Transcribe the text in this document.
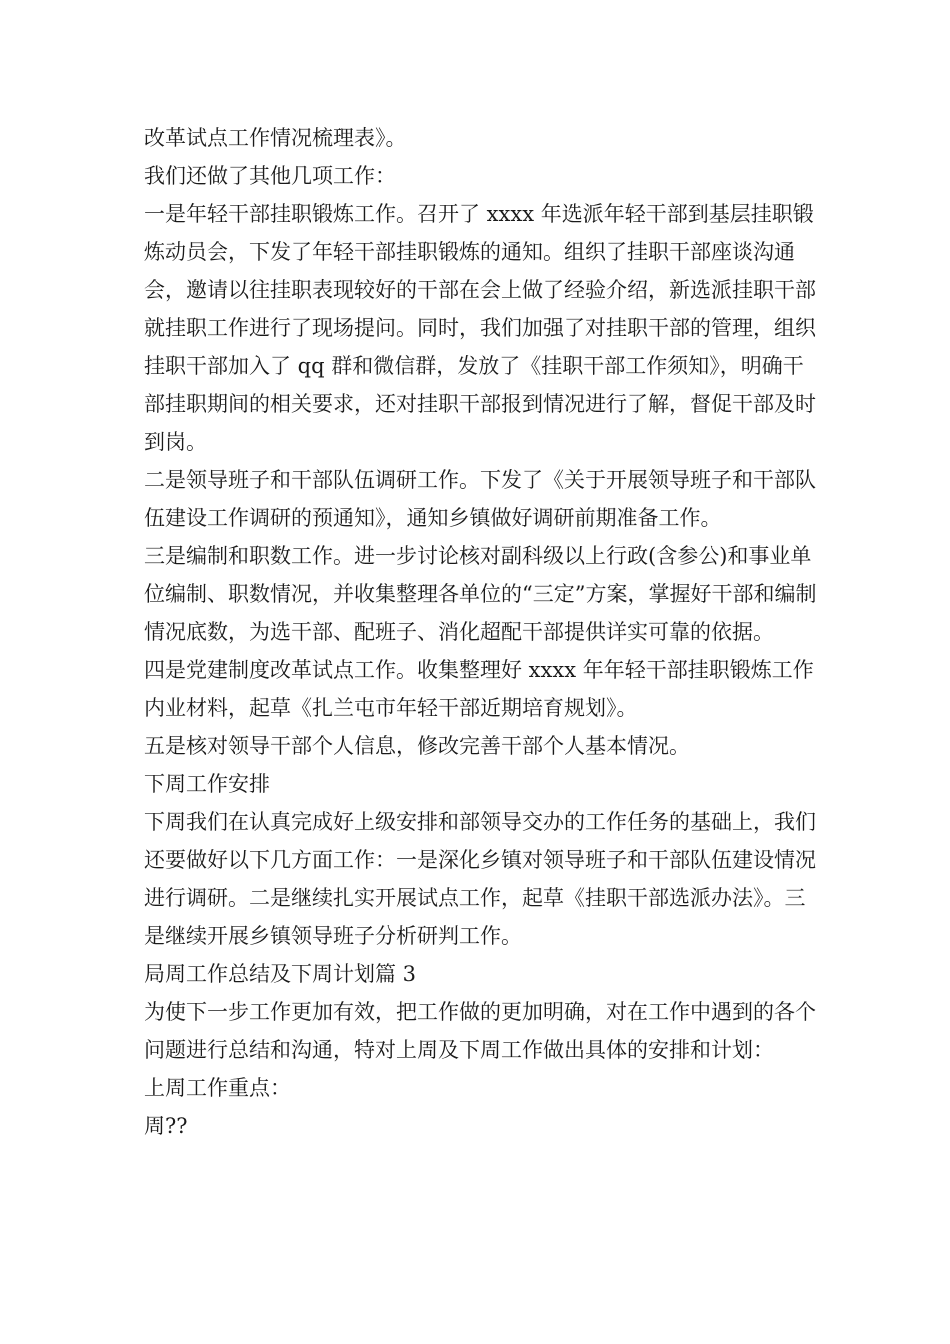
改革试点工作情况梳理表》。

我们还做了其他几项工作：

一是年轻干部挂职锻炼工作。召开了 xxxx 年选派年轻干部到基层挂职锻炼动员会，下发了年轻干部挂职锻炼的通知。组织了挂职干部座谈沟通会，邀请以往挂职表现较好的干部在会上做了经验介绍，新选派挂职干部就挂职工作进行了现场提问。同时，我们加强了对挂职干部的管理，组织挂职干部加入了 qq 群和微信群，发放了《挂职干部工作须知》，明确干部挂职期间的相关要求，还对挂职干部报到情况进行了解，督促干部及时到岗。

二是领导班子和干部队伍调研工作。下发了《关于开展领导班子和干部队伍建设工作调研的预通知》，通知乡镇做好调研前期准备工作。

三是编制和职数工作。进一步讨论核对副科级以上行政(含参公)和事业单位编制、职数情况，并收集整理各单位的“三定”方案，掌握好干部和编制情况底数，为选干部、配班子、消化超配干部提供详实可靠的依据。

四是党建制度改革试点工作。收集整理好 xxxx 年年轻干部挂职锻炼工作内业材料，起草《扎兰屯市年轻干部近期培育规划》。

五是核对领导干部个人信息，修改完善干部个人基本情况。

下周工作安排

下周我们在认真完成好上级安排和部领导交办的工作任务的基础上，我们还要做好以下几方面工作：一是深化乡镇对领导班子和干部队伍建设情况进行调研。二是继续扎实开展试点工作，起草《挂职干部选派办法》。三是继续开展乡镇领导班子分析研判工作。

局周工作总结及下周计划篇 3

为使下一步工作更加有效，把工作做的更加明确，对在工作中遇到的各个问题进行总结和沟通，特对上周及下周工作做出具体的安排和计划：

上周工作重点：

周??
